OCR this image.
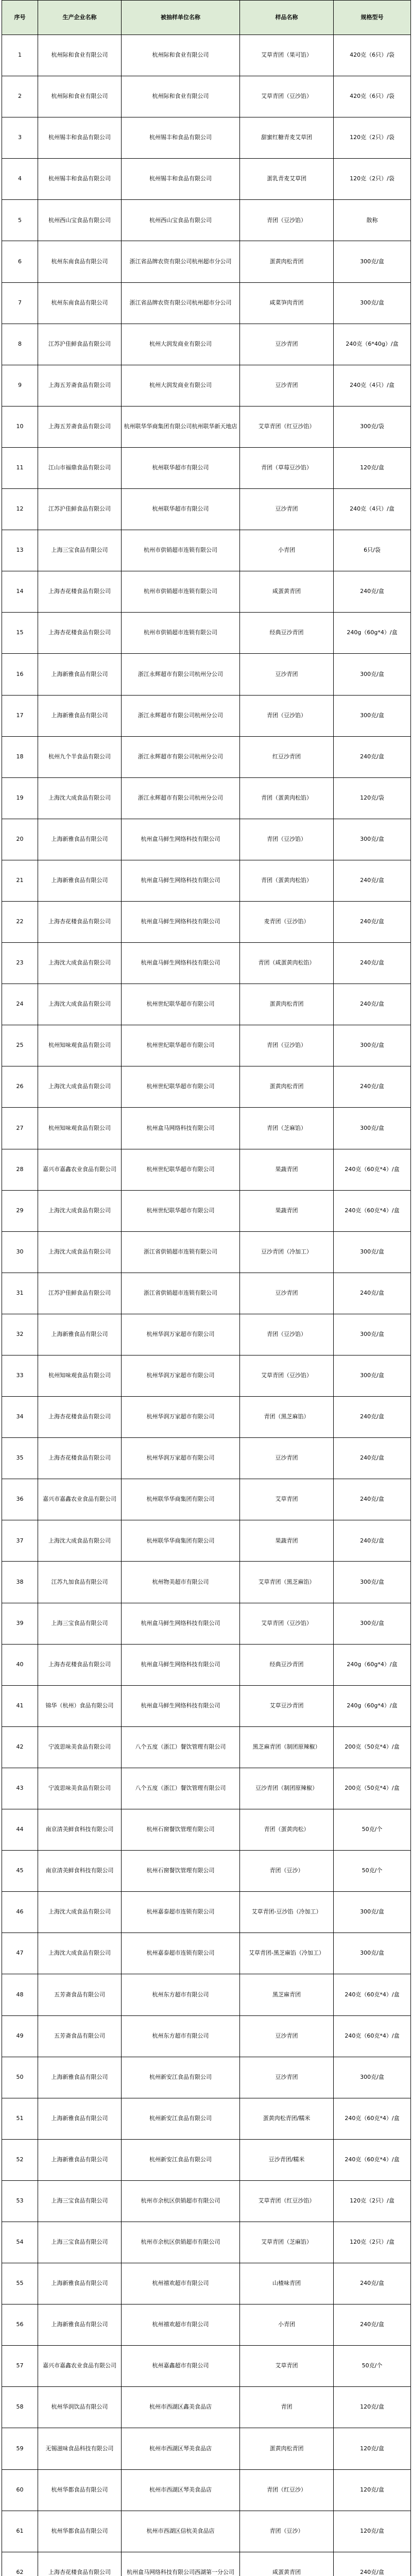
序号	生产企业名称	被抽样单位名称	样品名称	规格型号
1	杭州际和食业有限公司	杭州际和食业有限公司	艾草青团（果可馅）	420克（6只）/袋
2	杭州际和食业有限公司	杭州际和食业有限公司	艾草青团（豆沙馅）	420克（6只）/袋
3	杭州锡丰和食品有限公司	杭州锡丰和食品有限公司	甜蜜红糖青麦艾草团	120克（2只）/袋
4	杭州锡丰和食品有限公司	杭州锡丰和食品有限公司	蛋乳青麦艾草团	120克（2只）/袋
5	杭州西山宝食品有限公司	杭州西山宝食品有限公司	青团（豆沙馅）	散称
6	杭州东南食品有限公司	浙江省品牌农资有限公司杭州超市分公司	蛋黄肉松青团	300克/盒
7	杭州东南食品有限公司	浙江省品牌农资有限公司杭州超市分公司	咸菜笋肉青团	300克/盒
8	江苏沪佳鲜食品有限公司	杭州大润发商业有限公司	豆沙青团	240克（6*40g）/盒
9	上海五芳斋食品有限公司	杭州大润发商业有限公司	豆沙青团	240克（4只）/盒
10	上海五芳斋食品有限公司	杭州联华华商集团有限公司杭州联华新天地店	艾草青团（红豆沙馅）	300克/袋
11	江山市福鼎食品有限公司	杭州联华超市有限公司	青团（草莓豆沙馅）	120克/盒
12	江苏沪佳鲜食品有限公司	杭州联华超市有限公司	豆沙青团	240克（4只）/盒
13	上海三宝食品有限公司	杭州市供销超市连锁有限公司	小青团	6只/袋
14	上海杏花楼食品有限公司	杭州市供销超市连锁有限公司	咸蛋黄青团	240克/盒
15	上海杏花楼食品有限公司	杭州市供销超市连锁有限公司	经典豆沙青团	240g（60g*4）/盒
16	上海新雅食品有限公司	浙江永辉超市有限公司杭州分公司	豆沙青团	300克/盒
17	上海新雅食品有限公司	浙江永辉超市有限公司杭州分公司	青团（豆沙馅）	300克/盒
18	杭州九个半食品有限公司	浙江永辉超市有限公司杭州分公司	红豆沙青团	240克/盒
19	上海沈大成食品有限公司	浙江永辉超市有限公司杭州分公司	青团（蛋黄肉松馅）	120克/袋
20	上海新雅食品有限公司	杭州盒马鲜生网络科技有限公司	青团（豆沙馅）	300克/盒
21	上海新雅食品有限公司	杭州盒马鲜生网络科技有限公司	青团（蛋黄肉松馅）	240克/盒
22	上海杏花楼食品有限公司	杭州盒马鲜生网络科技有限公司	麦青团（豆沙馅）	240克/盒
23	上海沈大成食品有限公司	杭州盒马鲜生网络科技有限公司	青团（咸蛋黄肉松馅）	240克/盒
24	上海沈大成食品有限公司	杭州世纪联华超市有限公司	蛋黄肉松青团	240克/盒
25	杭州知味观食品有限公司	杭州世纪联华超市有限公司	青团（豆沙馅）	300克/盒
26	上海沈大成食品有限公司	杭州世纪联华超市有限公司	蛋黄肉松青团	240克/盒
27	杭州知味观食品有限公司	杭州盒马网络科技有限公司	青团（芝麻馅）	300克/盒
28	嘉兴市嘉鑫农业食品有限公司	杭州世纪联华超市有限公司	果蔬青团	240克（60克*4）/盒
29	上海沈大成食品有限公司	杭州世纪联华超市有限公司	果蔬青团	240克（60克*4）/盒
30	上海沈大成食品有限公司	浙江省供销超市连锁有限公司	豆沙青团（冷加工）	300克/盒
31	江苏沪佳鲜食品有限公司	浙江省供销超市连锁有限公司	豆沙青团	240克/盒
32	上海新雅食品有限公司	杭州华润万家超市有限公司	青团（豆沙馅）	300克/盒
33	杭州知味观食品有限公司	杭州华润万家超市有限公司	艾草青团（豆沙馅）	300克/盒
34	上海杏花楼食品有限公司	杭州华润万家超市有限公司	青团（黑芝麻馅）	240克/盒
35	上海杏花楼食品有限公司	杭州华润万家超市有限公司	豆沙青团	240克/盒
36	嘉兴市嘉鑫农业食品有限公司	杭州联华华商集团有限公司	艾草青团	240克/盒
37	上海沈大成食品有限公司	杭州联华华商集团有限公司	果蔬青团	240克/盒
38	江苏九加食品有限公司	杭州物美超市有限公司	艾草青团（黑芝麻馅）	300克/盒
39	上海三宝食品有限公司	杭州盒马鲜生网络科技有限公司	艾草青团（豆沙馅）	300克/盒
40	上海杏花楼食品有限公司	杭州盒马鲜生网络科技有限公司	经典豆沙青团	240g（60g*4）/盒
41	锦华（杭州）食品有限公司	杭州盒马鲜生网络科技有限公司	艾草豆沙青团	240g（60g*4）/盒
42	宁波思味美食品有限公司	八个五度（浙江）餐饮管理有限公司	黑芝麻青团（制团原辣椒）	200克（50克*4）/盒
43	宁波思味美食品有限公司	八个五度（浙江）餐饮管理有限公司	豆沙青团（制团原辣椒）	200克（50克*4）/盒
44	南京清美鲜食科技有限公司	杭州石窗餐饮管理有限公司	青团（蛋黄肉松）	50克/个
45	南京清美鲜食科技有限公司	杭州石窗餐饮管理有限公司	青团（豆沙）	50克/个
46	上海沈大成食品有限公司	杭州嘉泰超市连锁有限公司	艾草青团-豆沙馅（冷加工）	300克/盒
47	上海沈大成食品有限公司	杭州嘉泰超市连锁有限公司	艾草青团-黑芝麻馅（冷加工）	300克/盒
48	五芳斋食品有限公司	杭州东方超市有限公司	黑芝麻青团	240克（60克*4）/盒
49	五芳斋食品有限公司	杭州东方超市有限公司	豆沙青团	240克（60克*4）/盒
50	上海新雅食品有限公司	杭州新安江食品有限公司	豆沙青团	300克/盒
51	上海新雅食品有限公司	杭州新安江食品有限公司	蛋黄肉松青团/糯米	240克（60克*4）/盒
52	上海新雅食品有限公司	杭州新安江食品有限公司	豆沙青团/糯米	240克（60克*4）/盒
53	上海三宝食品有限公司	杭州市余杭区供销超市有限公司	艾草青团（红豆沙馅）	120克（2只）/盒
54	上海三宝食品有限公司	杭州市余杭区供销超市有限公司	艾草青团（芝麻馅）	120克（2只）/盒
55	上海新雅食品有限公司	杭州禧欢超市有限公司	山楂味青团	240克/盒
56	上海新雅食品有限公司	杭州禧欢超市有限公司	小青团	240克/盒
57	嘉兴市嘉鑫农业食品有限公司	杭州嘉鑫超市有限公司	艾草青团	50克/个
58	杭州华润饮品有限公司	杭州市西湖区鑫美食品店	青团	120克/盒
59	无锡滋味食品科技有限公司	杭州市西湖区琴美食品店	蛋黄肉松青团	120克/盒
60	杭州华都食品有限公司	杭州市西湖区琴美食品店	青团（红豆沙）	120克/盒
61	杭州华都食品有限公司	杭州市西湖区信杭美食品店	青团（豆沙）	120克/盒
62	上海杏花楼食品有限公司	杭州盒马网络科技有限公司西湖第一分公司	咸蛋黄青团	240克/盒
